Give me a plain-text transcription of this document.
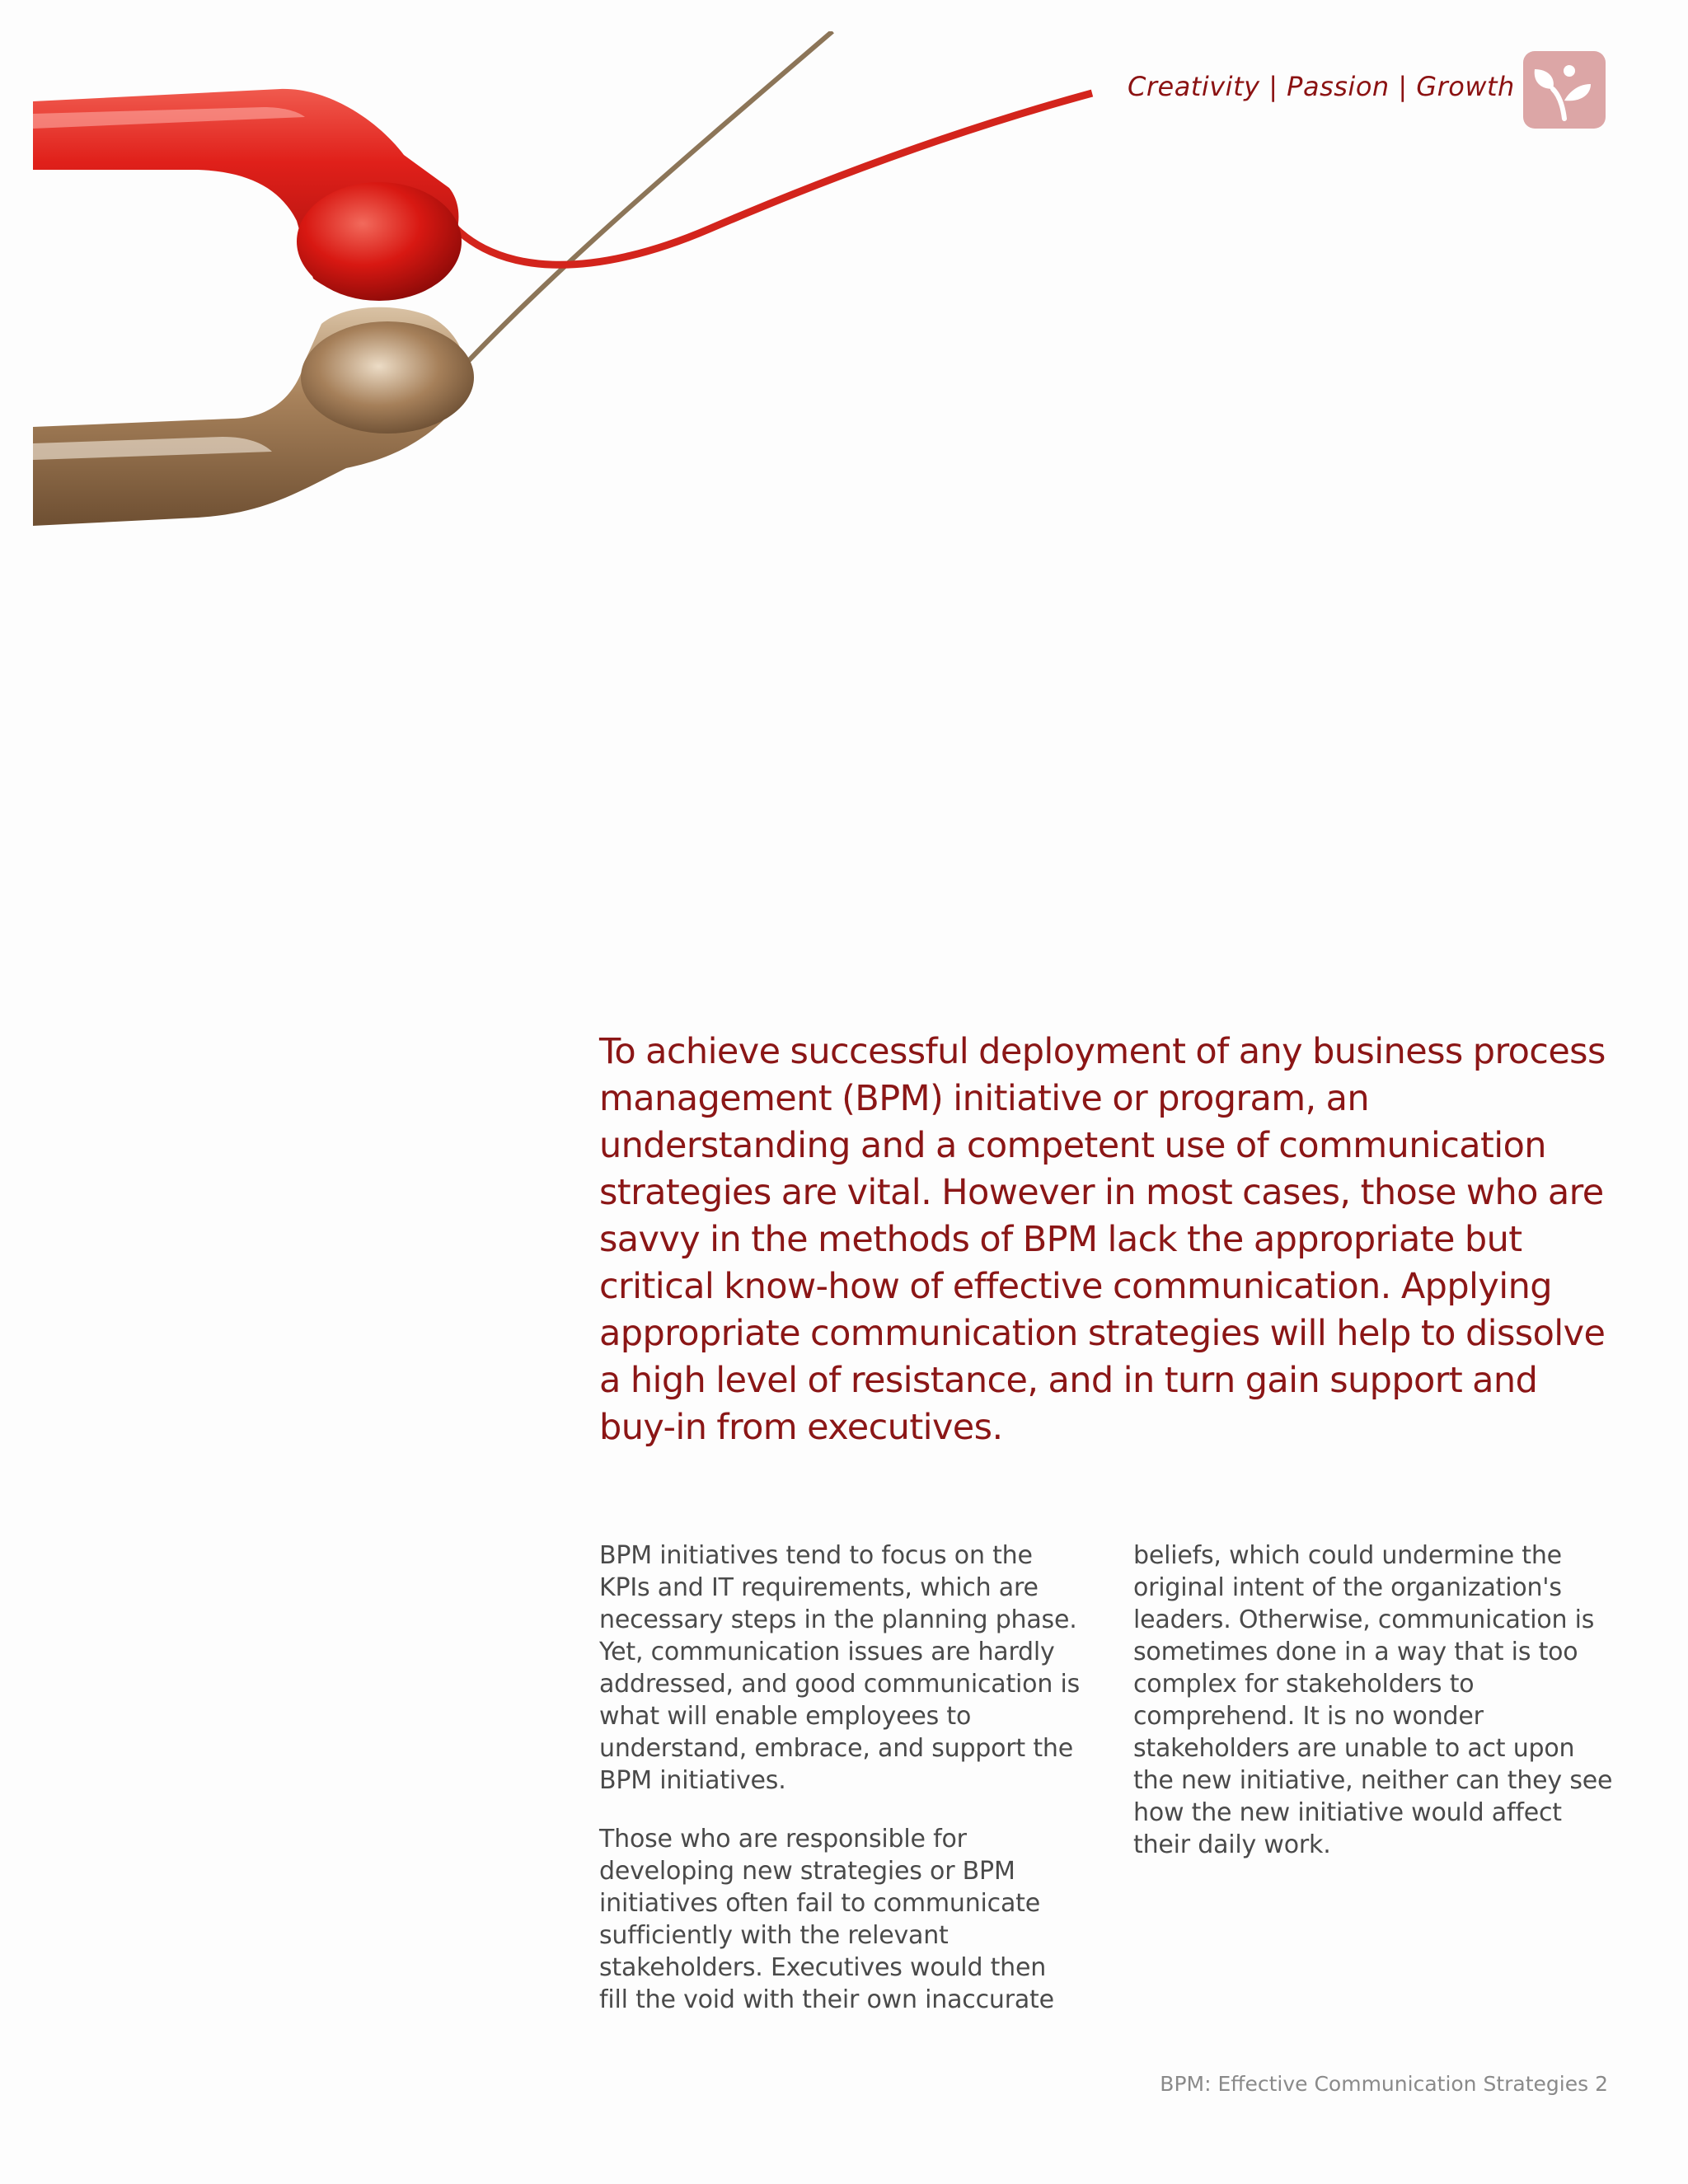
Creativity | Passion | Growth

To achieve successful deployment of any business process management (BPM) initiative or program, an understanding and a competent use of communication strategies are vital. However in most cases, those who are savvy in the methods of BPM lack the appropriate but critical know-how of effective communication. Applying appropriate communication strategies will help to dissolve a high level of resistance, and in turn gain support and buy-in from executives.

BPM initiatives tend to focus on the KPIs and IT requirements, which are necessary steps in the planning phase. Yet, communication issues are hardly addressed, and good communication is what will enable employees to understand, embrace, and support the BPM initiatives.

Those who are responsible for developing new strategies or BPM initiatives often fail to communicate sufficiently with the relevant stakeholders. Executives would then fill the void with their own inaccurate

beliefs, which could undermine the original intent of the organization's leaders. Otherwise, communication is sometimes done in a way that is too complex for stakeholders to comprehend. It is no wonder stakeholders are unable to act upon the new initiative, neither can they see how the new initiative would affect their daily work.

BPM: Effective Communication Strategies 2
